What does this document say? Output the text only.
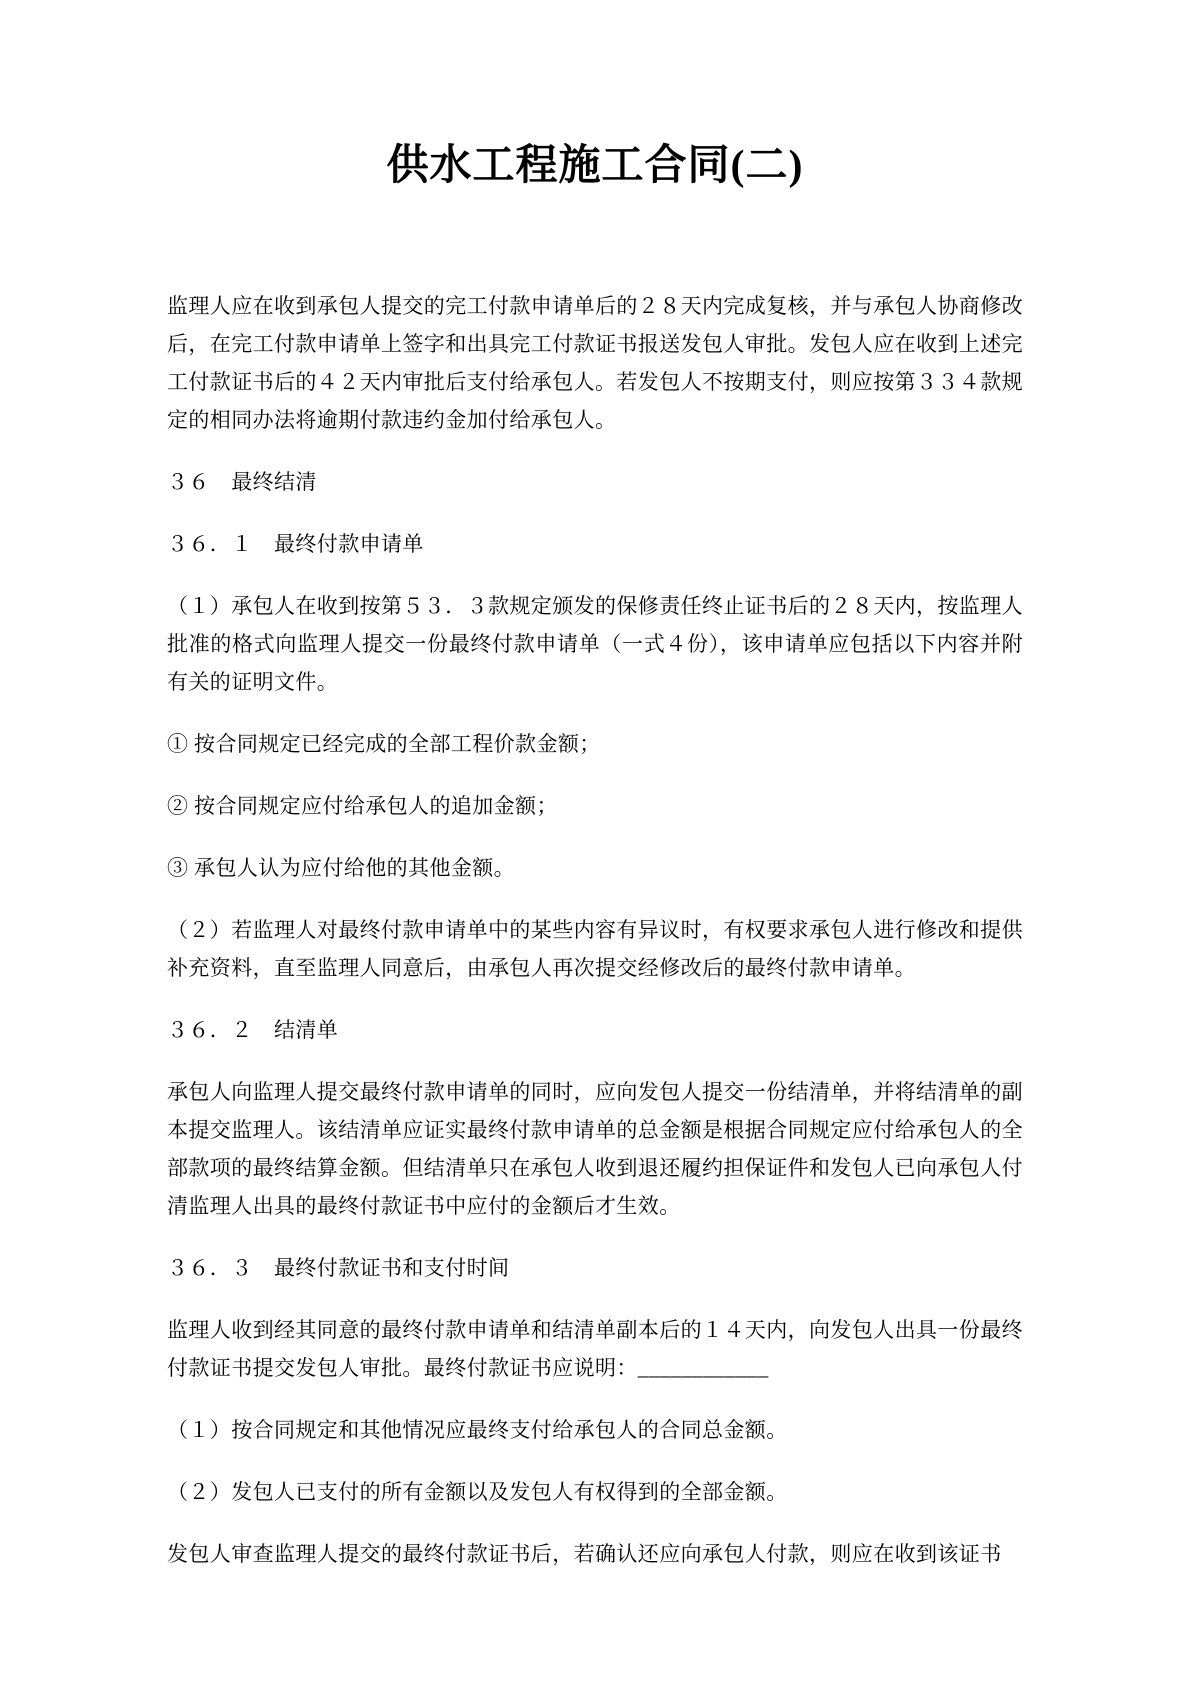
供水工程施工合同(二)

监理人应在收到承包人提交的完工付款申请单后的２８天内完成复核，并与承包人协商修改后，在完工付款申请单上签字和出具完工付款证书报送发包人审批。发包人应在收到上述完工付款证书后的４２天内审批后支付给承包人。若发包人不按期支付，则应按第３３４款规定的相同办法将逾期付款违约金加付给承包人。

３６　最终结清

３６．１　最终付款申请单

（１）承包人在收到按第５３．３款规定颁发的保修责任终止证书后的２８天内，按监理人批准的格式向监理人提交一份最终付款申请单（一式４份），该申请单应包括以下内容并附有关的证明文件。

① 按合同规定已经完成的全部工程价款金额；

② 按合同规定应付给承包人的追加金额；

③ 承包人认为应付给他的其他金额。

（２）若监理人对最终付款申请单中的某些内容有异议时，有权要求承包人进行修改和提供补充资料，直至监理人同意后，由承包人再次提交经修改后的最终付款申请单。

３６．２　结清单

承包人向监理人提交最终付款申请单的同时，应向发包人提交一份结清单，并将结清单的副本提交监理人。该结清单应证实最终付款申请单的总金额是根据合同规定应付给承包人的全部款项的最终结算金额。但结清单只在承包人收到退还履约担保证件和发包人已向承包人付清监理人出具的最终付款证书中应付的金额后才生效。

３６．３　最终付款证书和支付时间

监理人收到经其同意的最终付款申请单和结清单副本后的１４天内，向发包人出具一份最终付款证书提交发包人审批。最终付款证书应说明：____________

（１）按合同规定和其他情况应最终支付给承包人的合同总金额。

（２）发包人已支付的所有金额以及发包人有权得到的全部金额。

发包人审查监理人提交的最终付款证书后，若确认还应向承包人付款，则应在收到该证书
